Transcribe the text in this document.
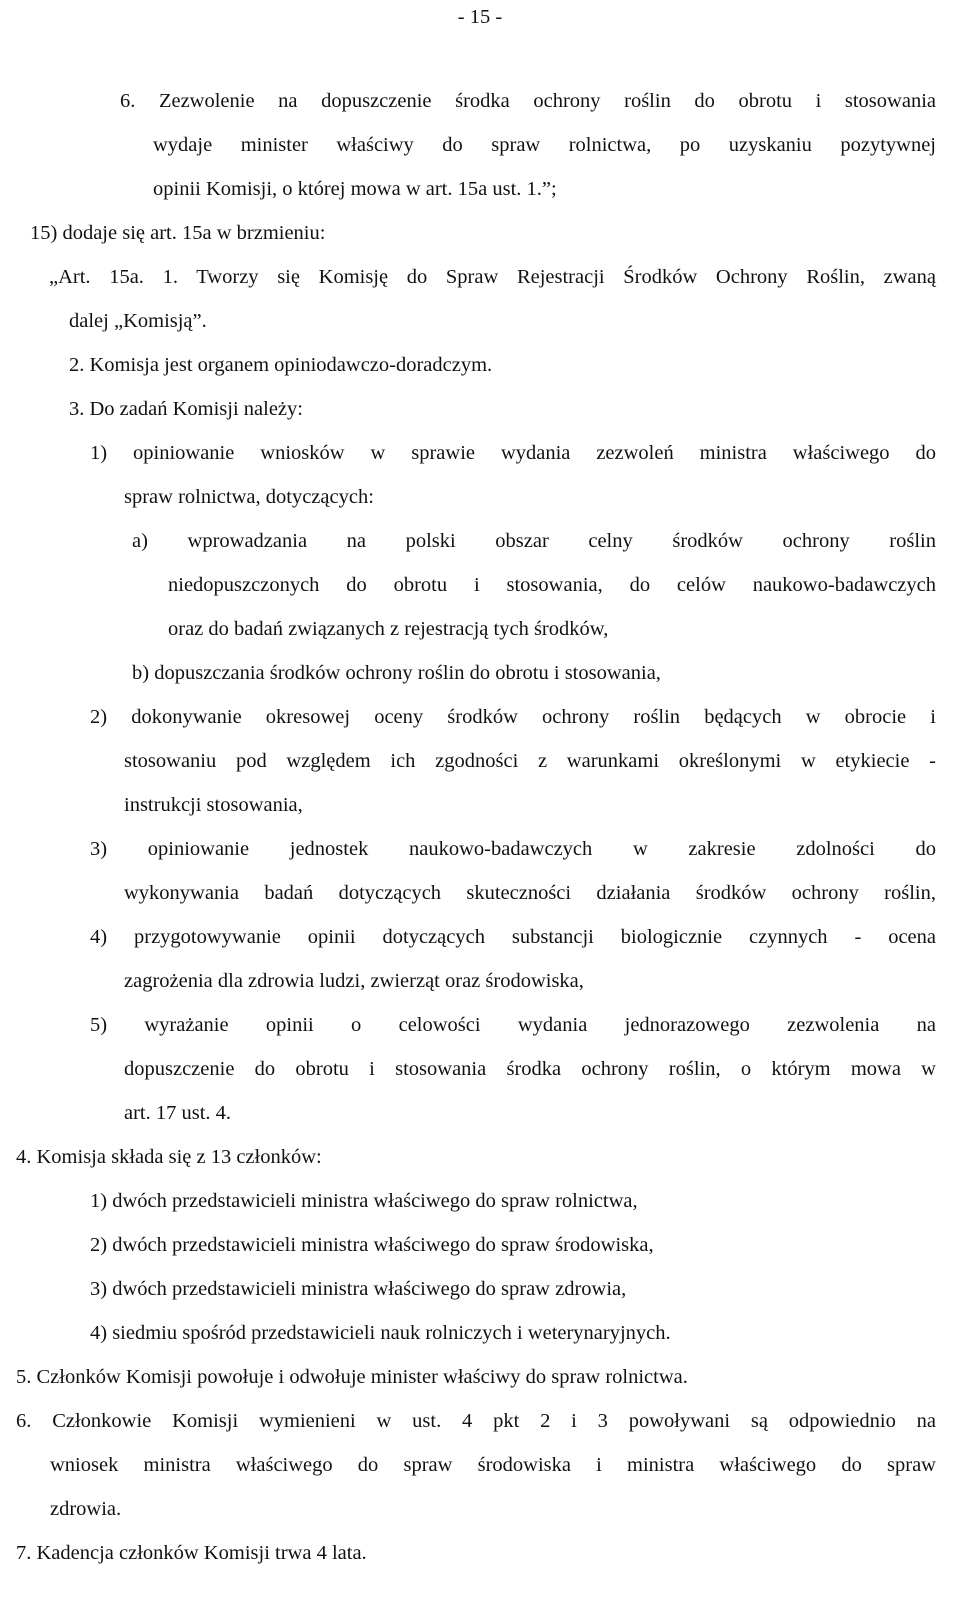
- 15 -
6. Zezwolenie na dopuszczenie środka ochrony roślin do obrotu i stosowania
wydaje minister właściwy do spraw rolnictwa, po uzyskaniu pozytywnej
opinii Komisji, o której mowa w art. 15a ust. 1.”;
15) dodaje się art. 15a w brzmieniu:
„Art. 15a. 1. Tworzy się Komisję do Spraw Rejestracji Środków Ochrony Roślin, zwaną
dalej „Komisją”.
2. Komisja jest organem opiniodawczo-doradczym.
3. Do zadań Komisji należy:
1) opiniowanie wniosków w sprawie wydania zezwoleń ministra właściwego do
spraw rolnictwa, dotyczących:
a) wprowadzania na polski obszar celny środków ochrony roślin
niedopuszczonych do obrotu i stosowania, do celów naukowo-badawczych
oraz do badań związanych z rejestracją tych środków,
b) dopuszczania środków ochrony roślin do obrotu i stosowania,
2) dokonywanie okresowej oceny środków ochrony roślin będących w obrocie i
stosowaniu pod względem ich zgodności z warunkami określonymi w etykiecie -
instrukcji stosowania,
3) opiniowanie jednostek naukowo-badawczych w zakresie zdolności do
wykonywania badań dotyczących skuteczności działania środków ochrony roślin,
4) przygotowywanie opinii dotyczących substancji biologicznie czynnych - ocena
zagrożenia dla zdrowia ludzi, zwierząt oraz środowiska,
5) wyrażanie opinii o celowości wydania jednorazowego zezwolenia na
dopuszczenie do obrotu i stosowania środka ochrony roślin, o którym mowa w
art. 17 ust. 4.
4. Komisja składa się z 13 członków:
1) dwóch przedstawicieli ministra właściwego do spraw rolnictwa,
2) dwóch przedstawicieli ministra właściwego do spraw środowiska,
3) dwóch przedstawicieli ministra właściwego do spraw zdrowia,
4) siedmiu spośród przedstawicieli nauk rolniczych i weterynaryjnych.
5. Członków Komisji powołuje i odwołuje minister właściwy do spraw rolnictwa.
6. Członkowie Komisji wymienieni w ust. 4 pkt 2 i 3 powoływani są odpowiednio na
wniosek ministra właściwego do spraw środowiska i ministra właściwego do spraw
zdrowia.
7. Kadencja członków Komisji trwa 4 lata.
